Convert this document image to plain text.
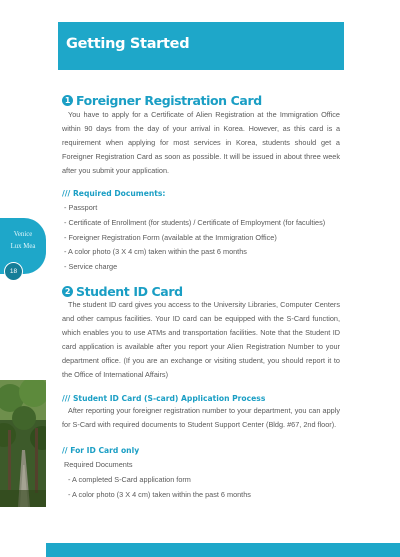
Getting Started
Venice
Lux Mea
18
1 Foreigner Registration Card
You have to apply for a Certificate of Alien Registration at the Immigration Office within 90 days from the day of your arrival in Korea. However, as this card is a requirement when applying for most services in Korea, students should get a Foreigner Registration Card as soon as possible. It will be issued in about three week after you submit your application.
/// Required Documents:
- Passport
- Certificate of Enrollment (for students) / Certificate of Employment (for faculties)
- Foreigner Registration Form (available at the Immigration Office)
- A color photo (3 X 4 cm) taken within the past 6 months
- Service charge
2 Student ID Card
The student ID card gives you access to the University Libraries, Computer Centers and other campus facilities. Your ID card can be equipped with the S-Card function, which enables you to use ATMs and transportation facilities. Note that the Student ID card application is available after you report your Alien Registration Number to your department office. (If you are an exchange or visiting student, you should report it to the Office of International Affairs)
/// Student ID Card (S-card) Application Process
After reporting your foreigner registration number to your department, you can apply for S-Card with required documents to Student Support Center (Bldg. #67, 2nd floor).
// For ID Card only
Required Documents
- A completed S-Card application form
- A color photo (3 X 4 cm) taken within the past 6 months
